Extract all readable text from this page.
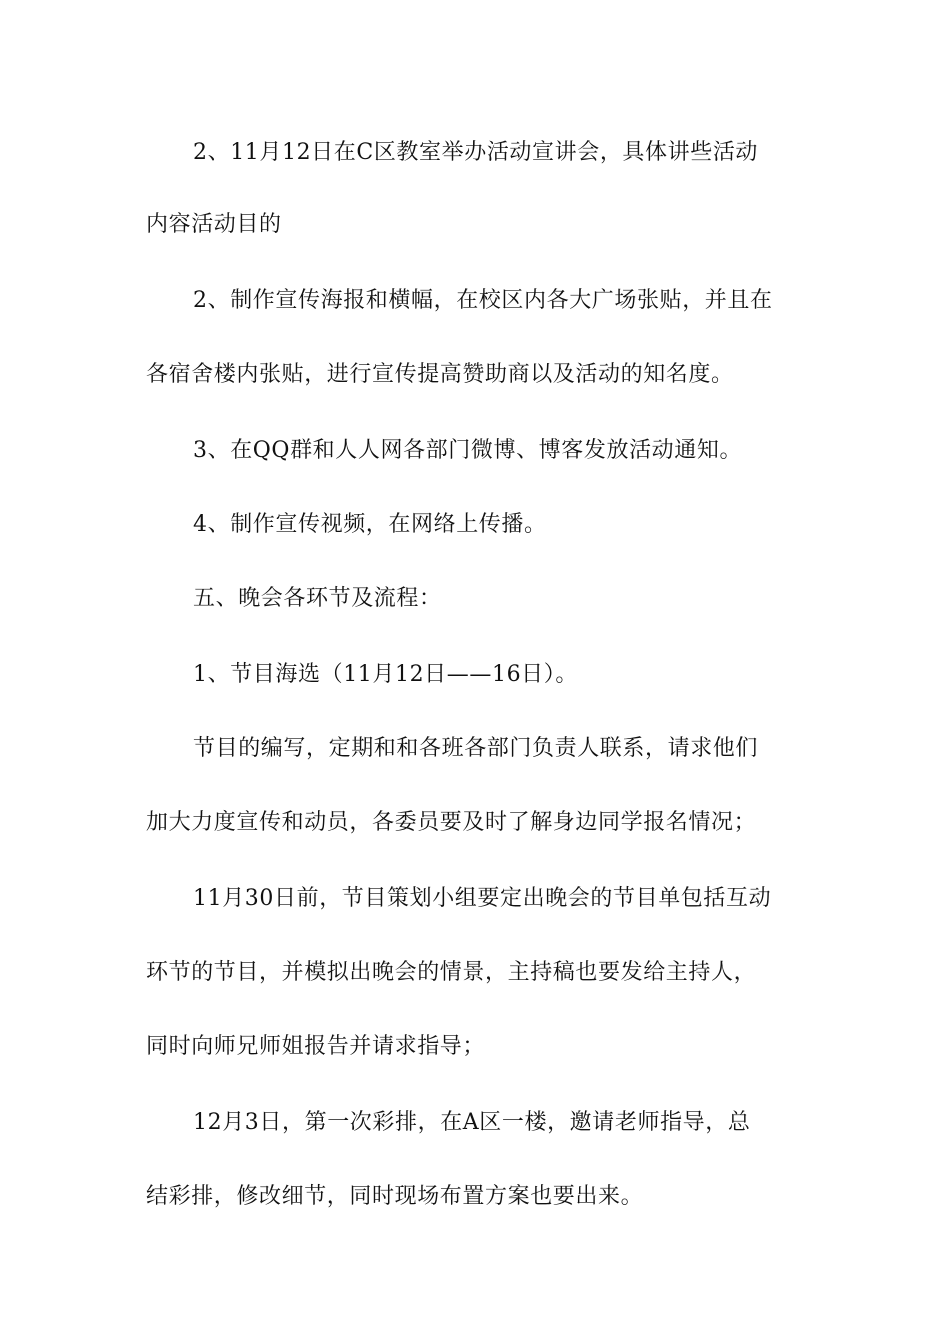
2、11月12日在C区教室举办活动宣讲会，具体讲些活动
内容活动目的
2、制作宣传海报和横幅，在校区内各大广场张贴，并且在
各宿舍楼内张贴，进行宣传提高赞助商以及活动的知名度。
3、在QQ群和人人网各部门微博、博客发放活动通知。
4、制作宣传视频，在网络上传播。
五、晚会各环节及流程：
1、节目海选（11月12日——16日）。
节目的编写，定期和和各班各部门负责人联系，请求他们
加大力度宣传和动员，各委员要及时了解身边同学报名情况；
11月30日前，节目策划小组要定出晚会的节目单包括互动
环节的节目，并模拟出晚会的情景，主持稿也要发给主持人，
同时向师兄师姐报告并请求指导；
12月3日，第一次彩排，在A区一楼，邀请老师指导，总
结彩排，修改细节，同时现场布置方案也要出来。
